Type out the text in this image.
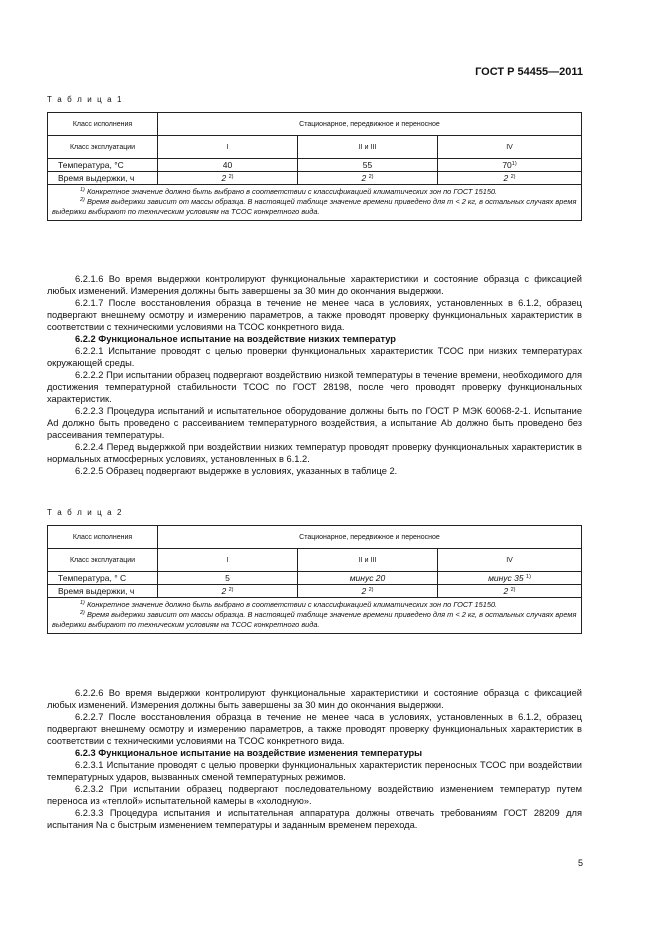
ГОСТ Р 54455—2011
Т а б л и ц а 1
Класс исполнения	Стационарное, передвижное и переносное		
Класс эксплуатации	I	II и III	IV
Температура, °C	40	55	70$^{1)}$
Время выдержки, ч	2 $^{2)}$	2 $^{2)}$	2 $^{2)}$

$^{1)}$ Конкретное значение должно быть выбрано в соответствии с классификацией климатических зон по ГОСТ 15150.

$^{2)}$ Время выдержки зависит от массы образца. В настоящей таблице значение времени приведено для m < 2 кг, в остальных случаях время выдержки выбирают по техническим условиям на ТСОС конкретного вида.			

6.2.1.6 Во время выдержки контролируют функциональные характеристики и состояние образца с фиксацией любых изменений. Измерения должны быть завершены за 30 мин до окончания выдержки.

6.2.1.7 После восстановления образца в течение не менее часа в условиях, установленных в 6.1.2, образец подвергают внешнему осмотру и измерению параметров, а также проводят проверку функциональных характеристик в соответствии с техническими условиями на ТСОС конкретного вида.

6.2.2 Функциональное испытание на воздействие низких температур

6.2.2.1 Испытание проводят с целью проверки функциональных характеристик ТСОС при низких температурах окружающей среды.

6.2.2.2 При испытании образец подвергают воздействию низкой температуры в течение времени, необходимого для достижения температурной стабильности ТСОС по ГОСТ 28198, после чего проводят проверку функциональных характеристик.

6.2.2.3 Процедура испытаний и испытательное оборудование должны быть по ГОСТ Р МЭК 60068-2-1. Испытание Ad должно быть проведено с рассеиванием температурного воздействия, а испытание Ab должно быть проведено без рассеивания температуры.

6.2.2.4 Перед выдержкой при воздействии низких температур проводят проверку функциональных характеристик в нормальных атмосферных условиях, установленных в 6.1.2.

6.2.2.5 Образец подвергают выдержке в условиях, указанных в таблице 2.

Т а б л и ц а 2
Класс исполнения	Стационарное, передвижное и переносное		
Класс эксплуатации	I	II и III	IV
Температура, ° С	5	минус 20	минус 35 $^{1)}$
Время выдержки, ч	2 $^{2)}$	2 $^{2)}$	2 $^{2)}$

$^{1)}$ Конкретное значение должно быть выбрано в соответствии с классификацией климатических зон по ГОСТ 15150.

$^{2)}$ Время выдержки зависит от массы образца. В настоящей таблице значение времени приведено для m < 2 кг, в остальных случаях время выдержки выбирают по техническим условиям на ТСОС конкретного вида.			

6.2.2.6 Во время выдержки контролируют функциональные характеристики и состояние образца с фиксацией любых изменений. Измерения должны быть завершены за 30 мин до окончания выдержки.

6.2.2.7 После восстановления образца в течение не менее часа в условиях, установленных в 6.1.2, образец подвергают внешнему осмотру и измерению параметров, а также проводят проверку функциональных характеристик в соответствии с техническими условиями на ТСОС конкретного вида.

6.2.3 Функциональное испытание на воздействие изменения температуры

6.2.3.1 Испытание проводят с целью проверки функциональных характеристик переносных ТСОС при воздействии температурных ударов, вызванных сменой температурных режимов.

6.2.3.2 При испытании образец подвергают последовательному воздействию изменением температур путем переноса из «теплой» испытательной камеры в «холодную».

6.2.3.3 Процедура испытания и испытательная аппаратура должны отвечать требованиям ГОСТ 28209 для испытания Na с быстрым изменением температуры и заданным временем перехода.

5
